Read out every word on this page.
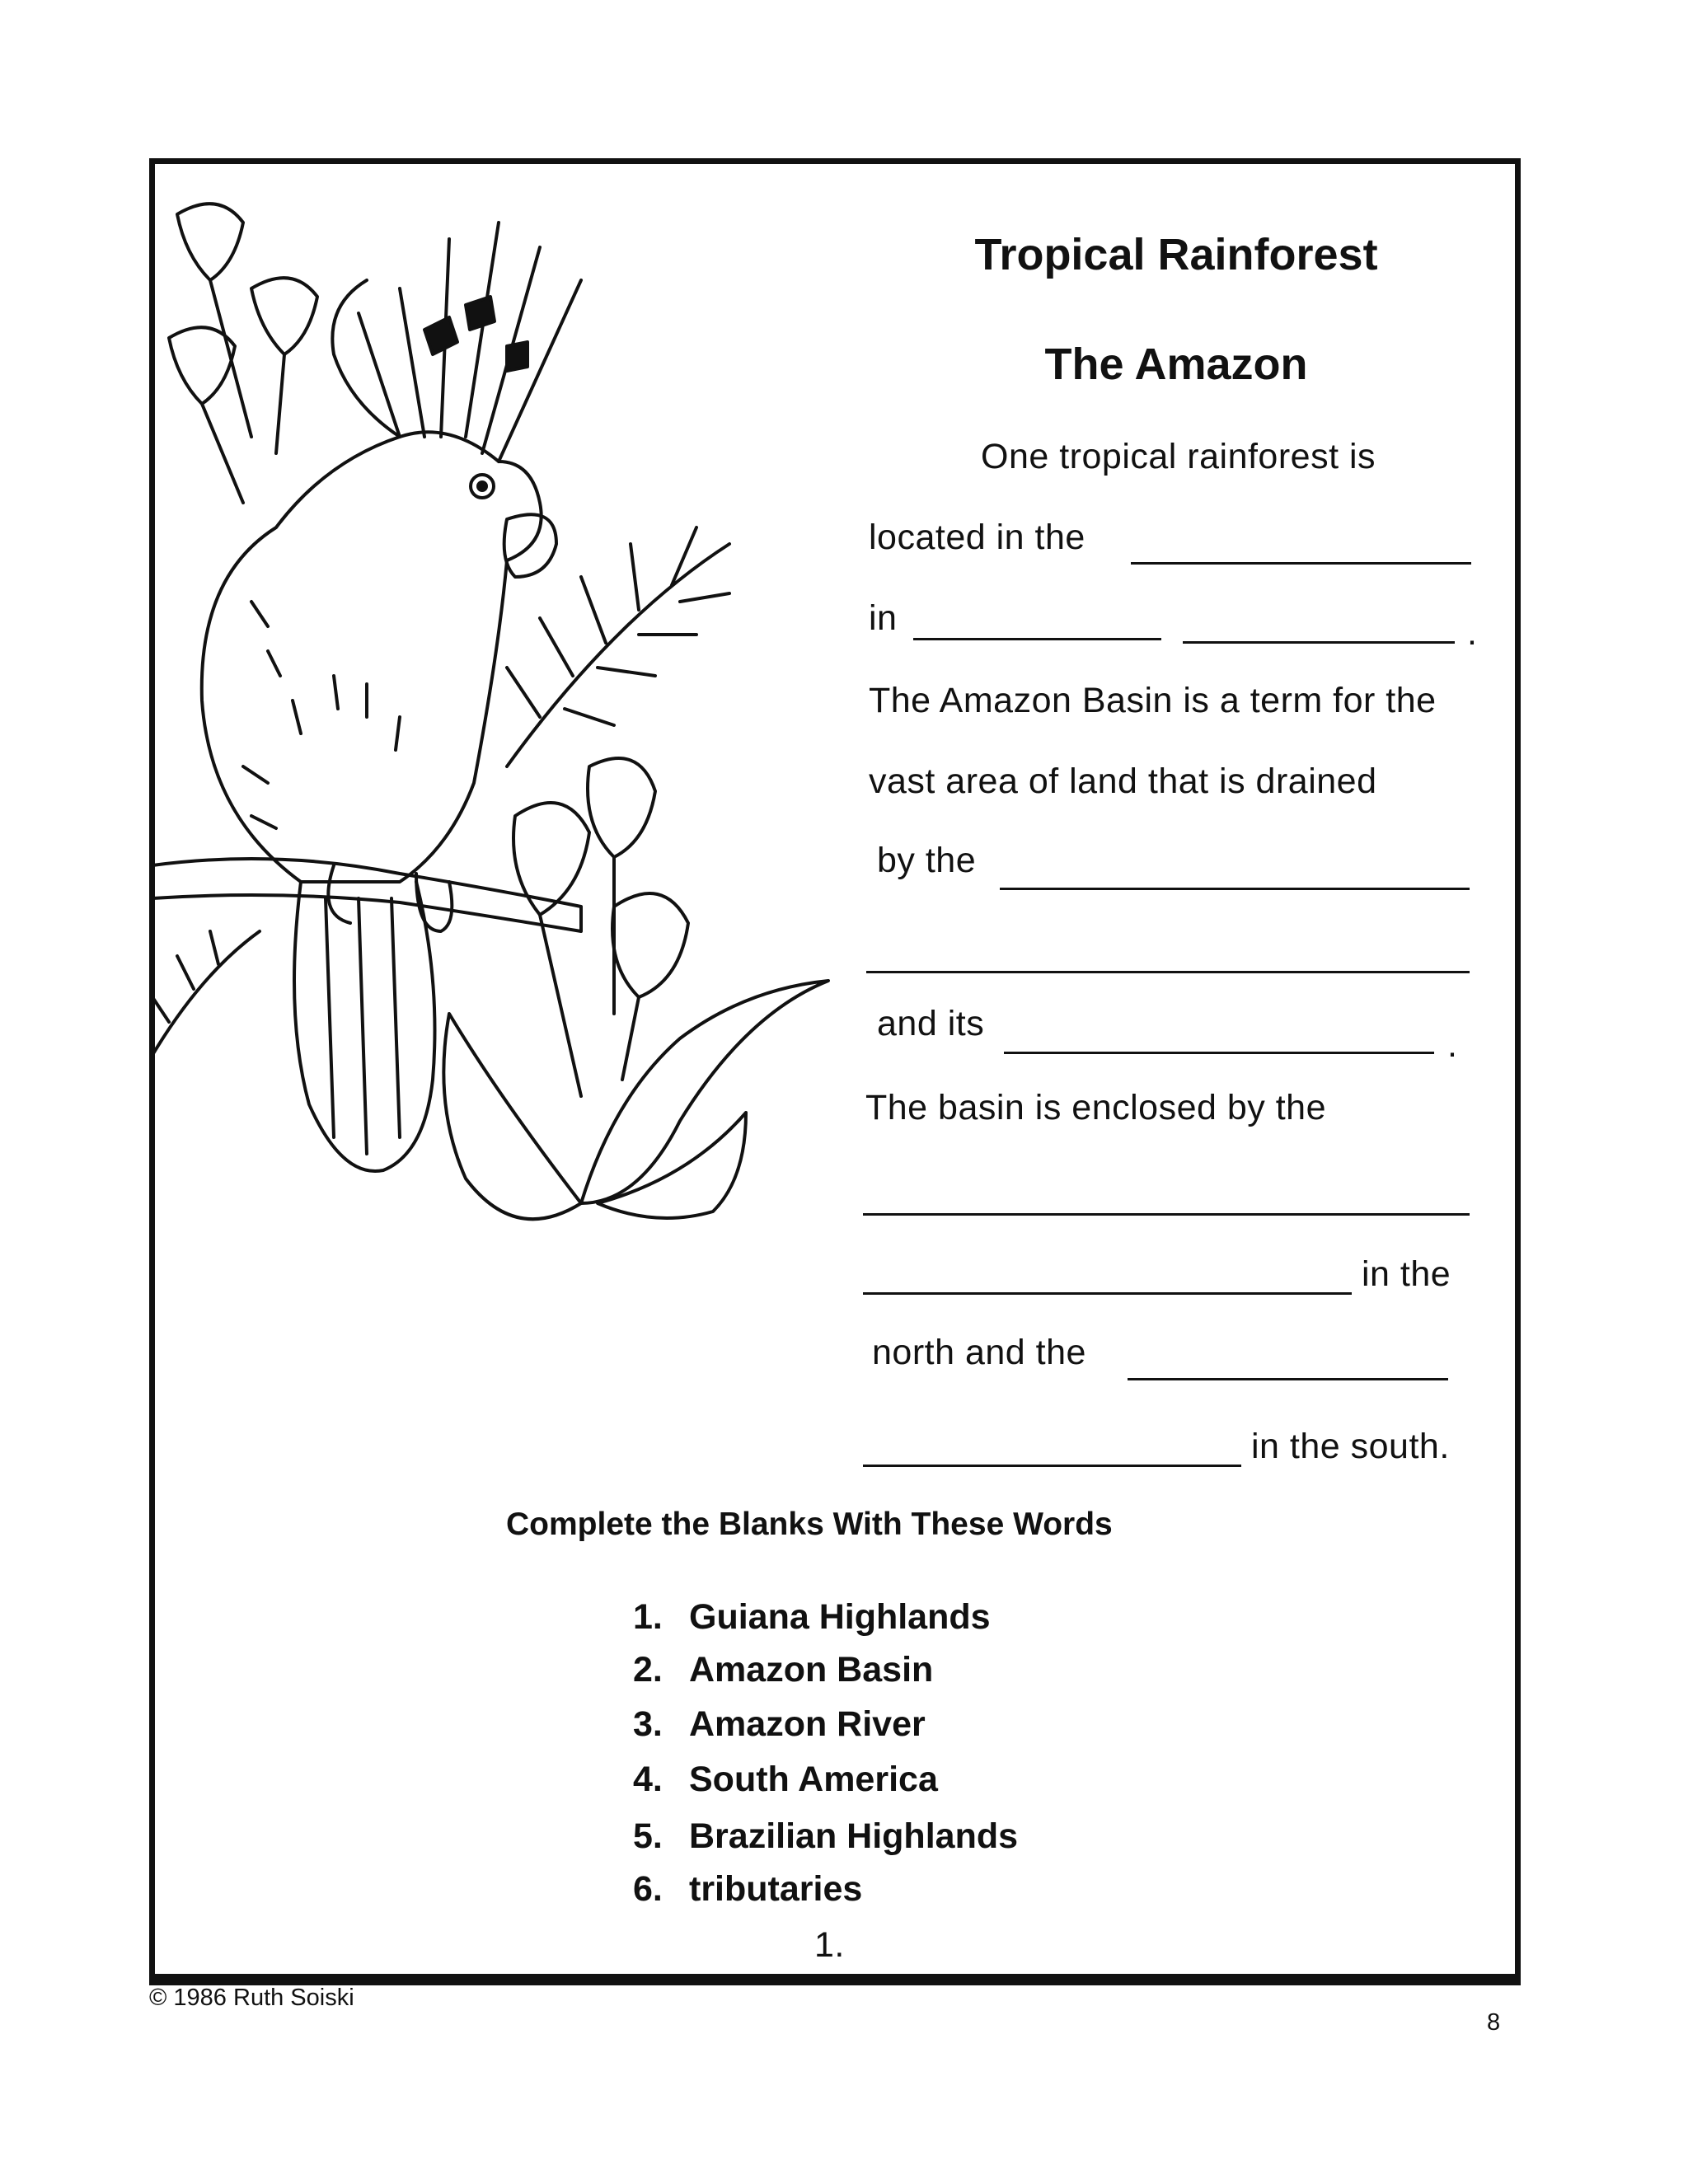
Tropical Rainforest
The Amazon
One tropical rainforest is
located in the
in	.
The Amazon Basin is a term for the
vast area of land that is drained
by the
and its
.
The basin is enclosed by the
in the
north and the
in the south.
Complete the Blanks With These Words
1. Guiana Highlands
2. Amazon Basin
3. Amazon River
4. South America
5. Brazilian Highlands
6. tributaries
1.
© 1986 Ruth Soiski
8
